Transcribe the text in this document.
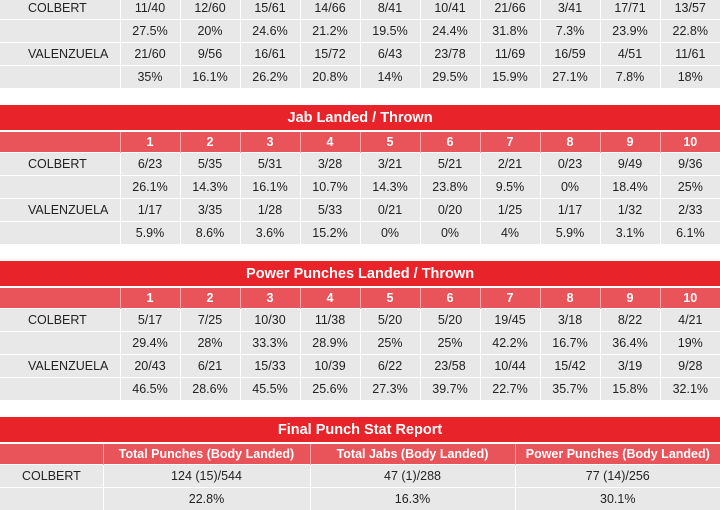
COLBERT	11/40	12/60	15/61	14/66	8/41	10/41	21/66	3/41	17/71	13/57
	27.5%	20%	24.6%	21.2%	19.5%	24.4%	31.8%	7.3%	23.9%	22.8%
VALENZUELA	21/60	9/56	16/61	15/72	6/43	23/78	11/69	16/59	4/51	11/61
	35%	16.1%	26.2%	20.8%	14%	29.5%	15.9%	27.1%	7.8%	18%
Jab Landed / Thrown										
	1	2	3	4	5	6	7	8	9	10
COLBERT	6/23	5/35	5/31	3/28	3/21	5/21	2/21	0/23	9/49	9/36
	26.1%	14.3%	16.1%	10.7%	14.3%	23.8%	9.5%	0%	18.4%	25%
VALENZUELA	1/17	3/35	1/28	5/33	0/21	0/20	1/25	1/17	1/32	2/33
	5.9%	8.6%	3.6%	15.2%	0%	0%	4%	5.9%	3.1%	6.1%
Power Punches Landed / Thrown										
	1	2	3	4	5	6	7	8	9	10
COLBERT	5/17	7/25	10/30	11/38	5/20	5/20	19/45	3/18	8/22	4/21
	29.4%	28%	33.3%	28.9%	25%	25%	42.2%	16.7%	36.4%	19%
VALENZUELA	20/43	6/21	15/33	10/39	6/22	23/58	10/44	15/42	3/19	9/28
	46.5%	28.6%	45.5%	25.6%	27.3%	39.7%	22.7%	35.7%	15.8%	32.1%
Final Punch Stat Report			
	Total Punches (Body Landed)	Total Jabs (Body Landed)	Power Punches (Body Landed)
COLBERT	124 (15)/544	47 (1)/288	77 (14)/256
	22.8%	16.3%	30.1%
